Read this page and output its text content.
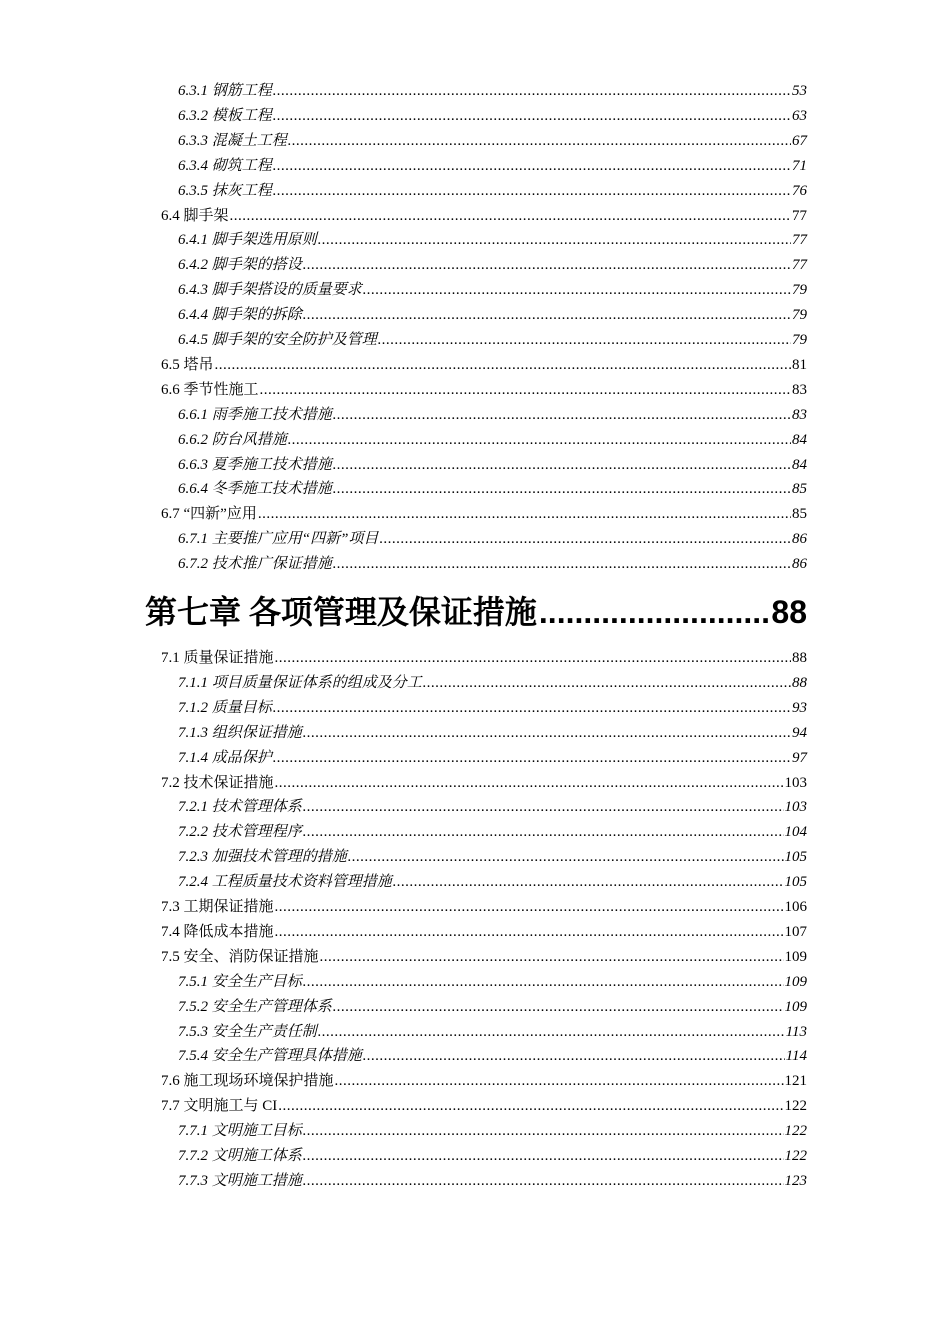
第七章 各项管理及保证措施 .....	88
6.3.1 钢筋工程 .....	53
6.3.2 模板工程 .....	63
6.3.3 混凝土工程 .....	67
6.3.4 砌筑工程 .....	71
6.3.5 抹灰工程 .....	76
6.4 脚手架 .....	77
6.4.1 脚手架选用原则 .....	77
6.4.2 脚手架的搭设 .....	77
6.4.3 脚手架搭设的质量要求 .....	79
6.4.4 脚手架的拆除 .....	79
6.4.5 脚手架的安全防护及管理 .....	79
6.5 塔吊 .....	81
6.6 季节性施工 .....	83
6.6.1 雨季施工技术措施 .....	83
6.6.2 防台风措施 .....	84
6.6.3 夏季施工技术措施 .....	84
6.6.4 冬季施工技术措施 .....	85
6.7 “四新”应用 .....	85
6.7.1 主要推广应用“四新”项目 .....	86
6.7.2 技术推广保证措施 .....	86
7.1 质量保证措施 .....	88
7.1.1 项目质量保证体系的组成及分工 .....	88
7.1.2 质量目标 .....	93
7.1.3 组织保证措施 .....	94
7.1.4 成品保护 .....	97
7.2 技术保证措施 .....	103
7.2.1 技术管理体系 .....	103
7.2.2 技术管理程序 .....	104
7.2.3 加强技术管理的措施 .....	105
7.2.4 工程质量技术资料管理措施 .....	105
7.3 工期保证措施 .....	106
7.4 降低成本措施 .....	107
7.5 安全、消防保证措施 .....	109
7.5.1 安全生产目标 .....	109
7.5.2 安全生产管理体系 .....	109
7.5.3 安全生产责任制 .....	113
7.5.4 安全生产管理具体措施 .....	114
7.6 施工现场环境保护措施 .....	121
7.7 文明施工与 CI .....	122
7.7.1 文明施工目标 .....	122
7.7.2 文明施工体系 .....	122
7.7.3 文明施工措施 .....	123
